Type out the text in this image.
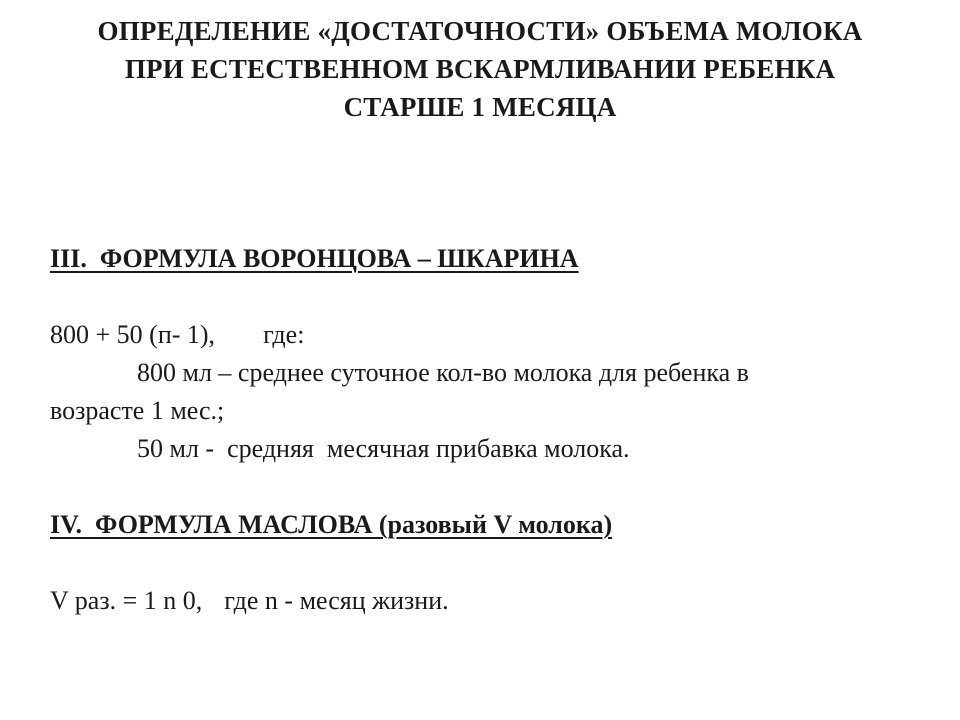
ОПРЕДЕЛЕНИЕ «ДОСТАТОЧНОСТИ» ОБЪЕМА МОЛОКА
ПРИ ЕСТЕСТВЕННОМ ВСКАРМЛИВАНИИ РЕБЕНКА
СТАРШЕ 1 МЕСЯЦА
III.  ФОРМУЛА ВОРОНЦОВА – ШКАРИНА
800 + 50 (п- 1), где:
800 мл – среднее суточное кол-во молока для ребенка в
возрасте 1 мес.;
50 мл -  средняя  месячная прибавка молока.
IV.  ФОРМУЛА МАСЛОВА (разовый V молока)
V раз. = 1 n 0, где n - месяц жизни.
